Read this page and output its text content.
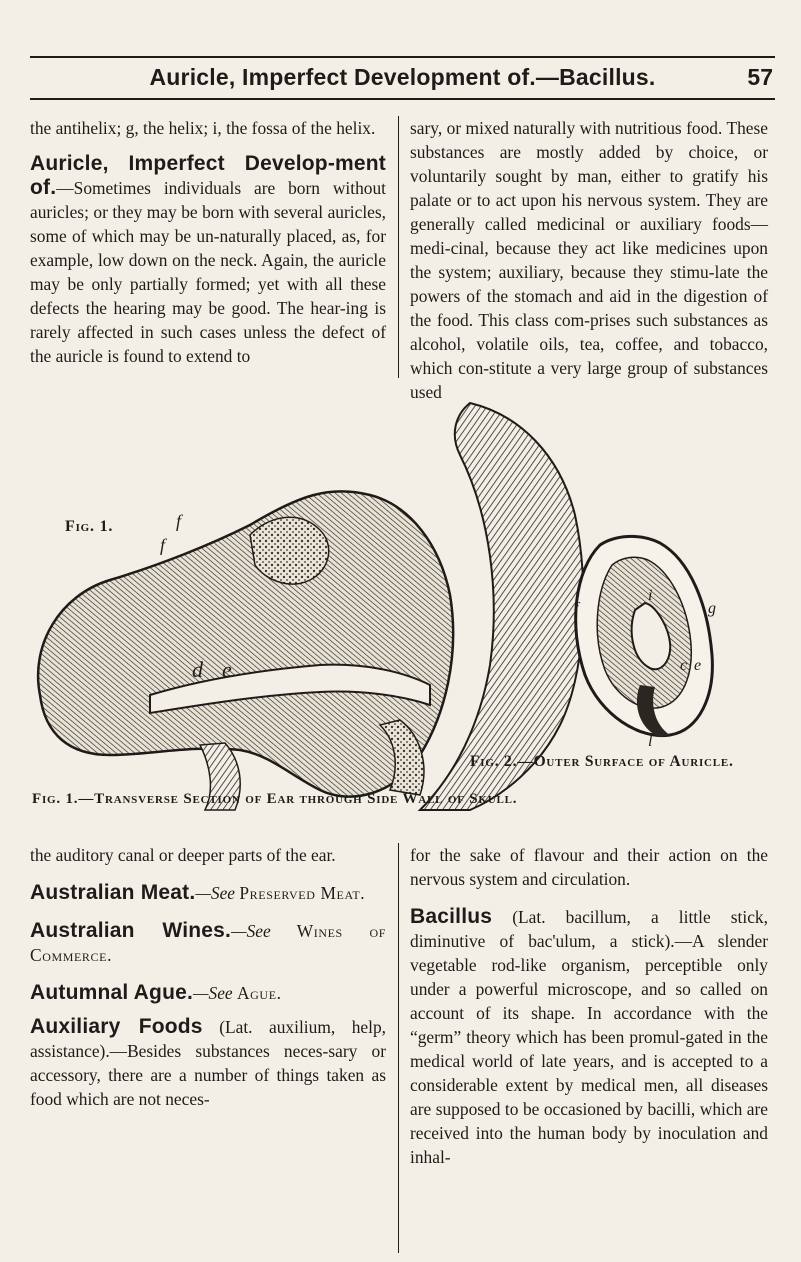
Auricle, Imperfect Development of.—Bacillus.	57

the antihelix; g, the helix; i, the fossa of the helix.

Auricle, Imperfect Develop-ment of.—Sometimes individuals are born without auricles; or they may be born with several auricles, some of which may be un-naturally placed, as, for example, low down on the neck. Again, the auricle may be only partially formed; yet with all these defects the hearing may be good. The hear-ing is rarely affected in such cases unless the defect of the auricle is found to extend to

sary, or mixed naturally with nutritious food. These substances are mostly added by choice, or voluntarily sought by man, either to gratify his palate or to act upon his nervous system. They are generally called medicinal or auxiliary foods—medi-cinal, because they act like medicines upon the system; auxiliary, because they stimu-late the powers of the stomach and aid in the digestion of the food. This class com-prises such substances as alcohol, volatile oils, tea, coffee, and tobacco, which con-stitute a very large group of substances used

Fig. 1.	f
f
d e
g
f
i
c e
l
Fig. 2.—Outer Surface of Auricle.
Fig. 1.—Transverse Section of Ear through Side Wall of Skull.

the auditory canal or deeper parts of the ear.

Australian Meat.—See Preserved Meat.

Australian Wines.—See Wines of Commerce.

Autumnal Ague.—See Ague.

Auxiliary Foods (Lat. auxilium, help, assistance).—Besides substances neces-sary or accessory, there are a number of things taken as food which are not neces-

for the sake of flavour and their action on the nervous system and circulation.

Bacillus (Lat. bacillum, a little stick, diminutive of bac'ulum, a stick).—A slender vegetable rod-like organism, perceptible only under a powerful microscope, and so called on account of its shape. In accordance with the “germ” theory which has been promul-gated in the medical world of late years, and is accepted to a considerable extent by medical men, all diseases are supposed to be occasioned by bacilli, which are received into the human body by inoculation and inhal-
